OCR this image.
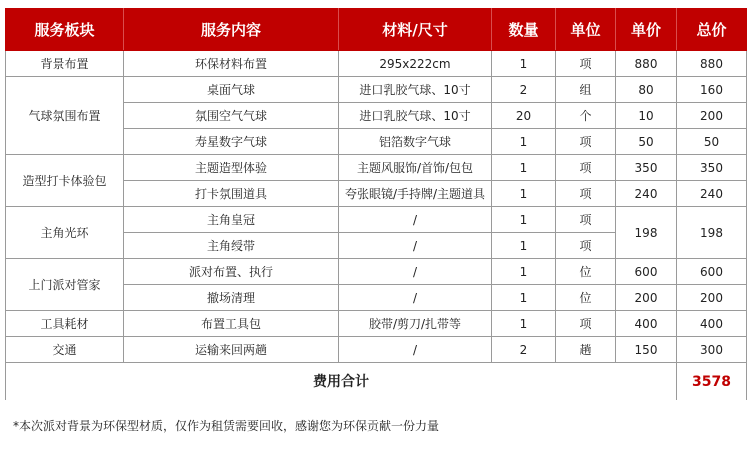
服务板块	服务内容	材料/尺寸	数量	单位	单价	总价
背景布置	环保材料布置	295x222cm	1	项	880	880
气球氛围布置	桌面气球	进口乳胶气球、10寸	2	组	80	160
	氛围空气气球	进口乳胶气球、10寸	20	个	10	200
	寿星数字气球	铝箔数字气球	1	项	50	50
造型打卡体验包	主题造型体验	主题风服饰/首饰/包包	1	项	350	350
	打卡氛围道具	夸张眼镜/手持牌/主题道具	1	项	240	240
主角光环	主角皇冠	/	1	项	198	198
	主角绶带	/	1	项		
上门派对管家	派对布置、执行	/	1	位	600	600
	撤场清理	/	1	位	200	200
工具耗材	布置工具包	胶带/剪刀/扎带等	1	项	400	400
交通	运输来回两趟	/	2	趟	150	300
费用合计						3578
*本次派对背景为环保型材质，仅作为租赁需要回收，感谢您为环保贡献一份力量
